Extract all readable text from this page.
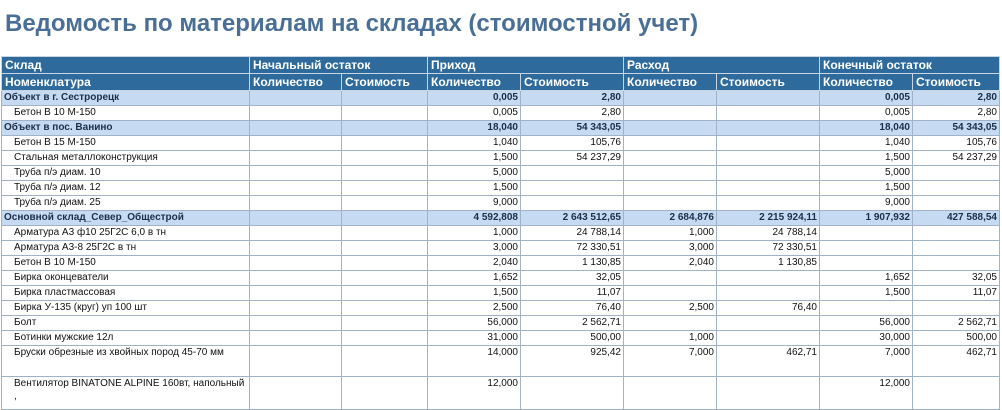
Ведомость по материалам на складах (стоимостной учет)
Склад	Начальный остаток		Приход		Расход		Конечный остаток	
Номенклатура	Количество	Стоимость	Количество	Стоимость	Количество	Стоимость	Количество	Стоимость
Объект в г. Сестрорецк			0,005	2,80			0,005	2,80
Бетон В 10 М-150			0,005	2,80			0,005	2,80
Объект в пос. Ванино			18,040	54 343,05			18,040	54 343,05
Бетон В 15 М-150			1,040	105,76			1,040	105,76
Стальная металлоконструкция			1,500	54 237,29			1,500	54 237,29
Труба п/э диам. 10			5,000				5,000	
Труба п/э диам. 12			1,500				1,500	
Труба п/э диам. 25			9,000				9,000	
Основной склад_Север_Общестрой			4 592,808	2 643 512,65	2 684,876	2 215 924,11	1 907,932	427 588,54
Арматура А3 ф10 25Г2С 6,0 в тн			1,000	24 788,14	1,000	24 788,14		
Арматура А3-8 25Г2С в тн			3,000	72 330,51	3,000	72 330,51		
Бетон В 10 М-150			2,040	1 130,85	2,040	1 130,85		
Бирка оконцеватели			1,652	32,05			1,652	32,05
Бирка пластмассовая			1,500	11,07			1,500	11,07
Бирка У-135 (круг) уп 100 шт			2,500	76,40	2,500	76,40		
Болт			56,000	2 562,71			56,000	2 562,71
Ботинки мужские 12л			31,000	500,00	1,000		30,000	500,00
Бруски обрезные из хвойных пород 45-70 мм			14,000	925,42	7,000	462,71	7,000	462,71
Вентилятор BINATONE ALPINE 160вт, напольный ,			12,000				12,000	
